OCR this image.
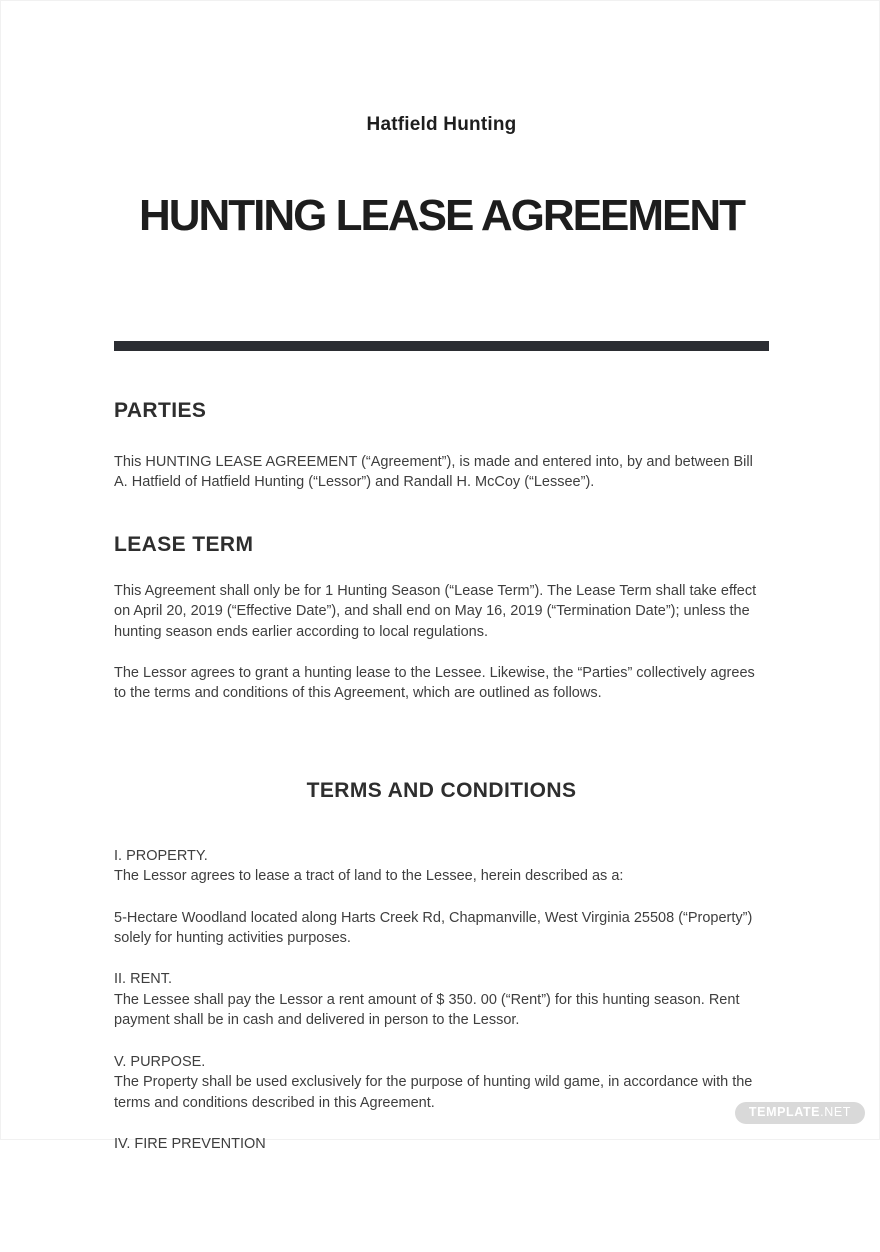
Hatfield Hunting
HUNTING LEASE AGREEMENT
PARTIES

This HUNTING LEASE AGREEMENT (“Agreement”), is made and entered into, by and between Bill A. Hatfield of Hatfield Hunting (“Lessor”) and Randall H. McCoy (“Lessee”).

LEASE TERM

This Agreement shall only be for 1 Hunting Season (“Lease Term”). The Lease Term shall take effect on April 20, 2019 (“Effective Date”), and shall end on May 16, 2019 (“Termination Date”); unless the hunting season ends earlier according to local regulations.

The Lessor agrees to grant a hunting lease to the Lessee. Likewise, the “Parties” collectively agrees to the terms and conditions of this Agreement, which are outlined as follows.

TERMS AND CONDITIONS
I. PROPERTY.

The Lessor agrees to lease a tract of land to the Lessee, herein described as a:

5-Hectare Woodland located along Harts Creek Rd, Chapmanville, West Virginia 25508 (“Property”) solely for hunting activities purposes.

II. RENT.

The Lessee shall pay the Lessor a rent amount of $ 350. 00 (“Rent”) for this hunting season. Rent payment shall be in cash and delivered in person to the Lessor.

V. PURPOSE.

The Property shall be used exclusively for the purpose of hunting wild game, in accordance with the terms and conditions described in this Agreement.

IV. FIRE PREVENTION
TEMPLATE.NET
